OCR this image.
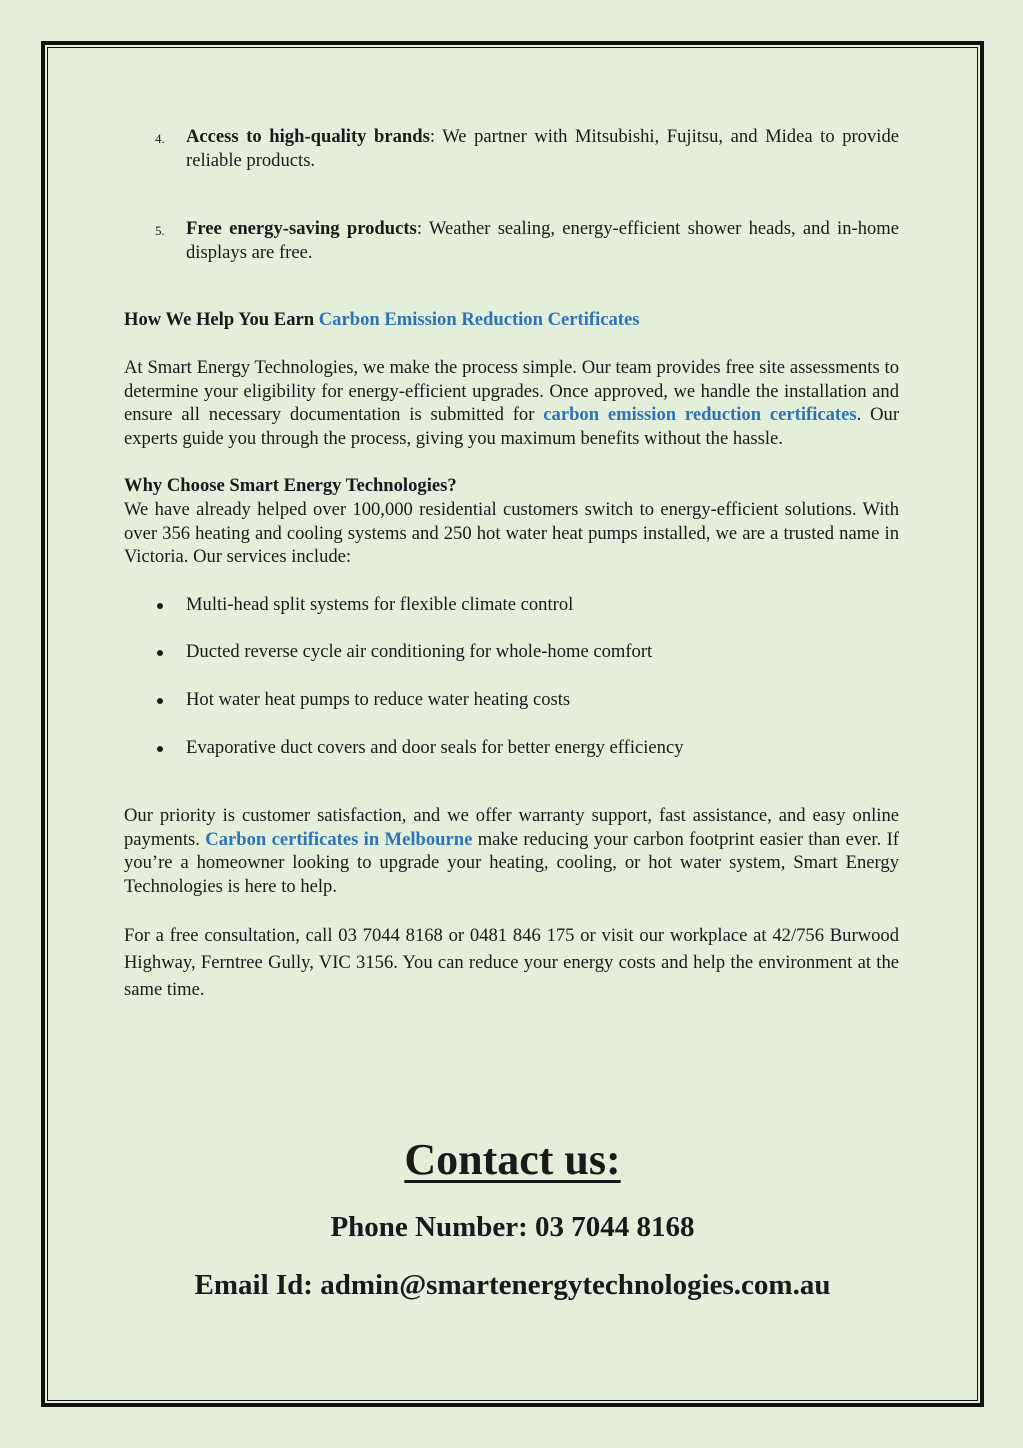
4. Access to high-quality brands: We partner with Mitsubishi, Fujitsu, and Midea to provide reliable products.
5. Free energy-saving products: Weather sealing, energy-efficient shower heads, and in-home displays are free.
How We Help You Earn Carbon Emission Reduction Certificates
At Smart Energy Technologies, we make the process simple. Our team provides free site assessments to determine your eligibility for energy-efficient upgrades. Once approved, we handle the installation and ensure all necessary documentation is submitted for carbon emission reduction certificates. Our experts guide you through the process, giving you maximum benefits without the hassle.
Why Choose Smart Energy Technologies?
We have already helped over 100,000 residential customers switch to energy-efficient solutions. With over 356 heating and cooling systems and 250 hot water heat pumps installed, we are a trusted name in Victoria. Our services include:
Multi-head split systems for flexible climate control
Ducted reverse cycle air conditioning for whole-home comfort
Hot water heat pumps to reduce water heating costs
Evaporative duct covers and door seals for better energy efficiency
Our priority is customer satisfaction, and we offer warranty support, fast assistance, and easy online payments. Carbon certificates in Melbourne make reducing your carbon footprint easier than ever. If you’re a homeowner looking to upgrade your heating, cooling, or hot water system, Smart Energy Technologies is here to help.
For a free consultation, call 03 7044 8168 or 0481 846 175 or visit our workplace at 42/756 Burwood Highway, Ferntree Gully, VIC 3156. You can reduce your energy costs and help the environment at the same time.
Contact us:
Phone Number: 03 7044 8168
Email Id: admin@smartenergytechnologies.com.au
